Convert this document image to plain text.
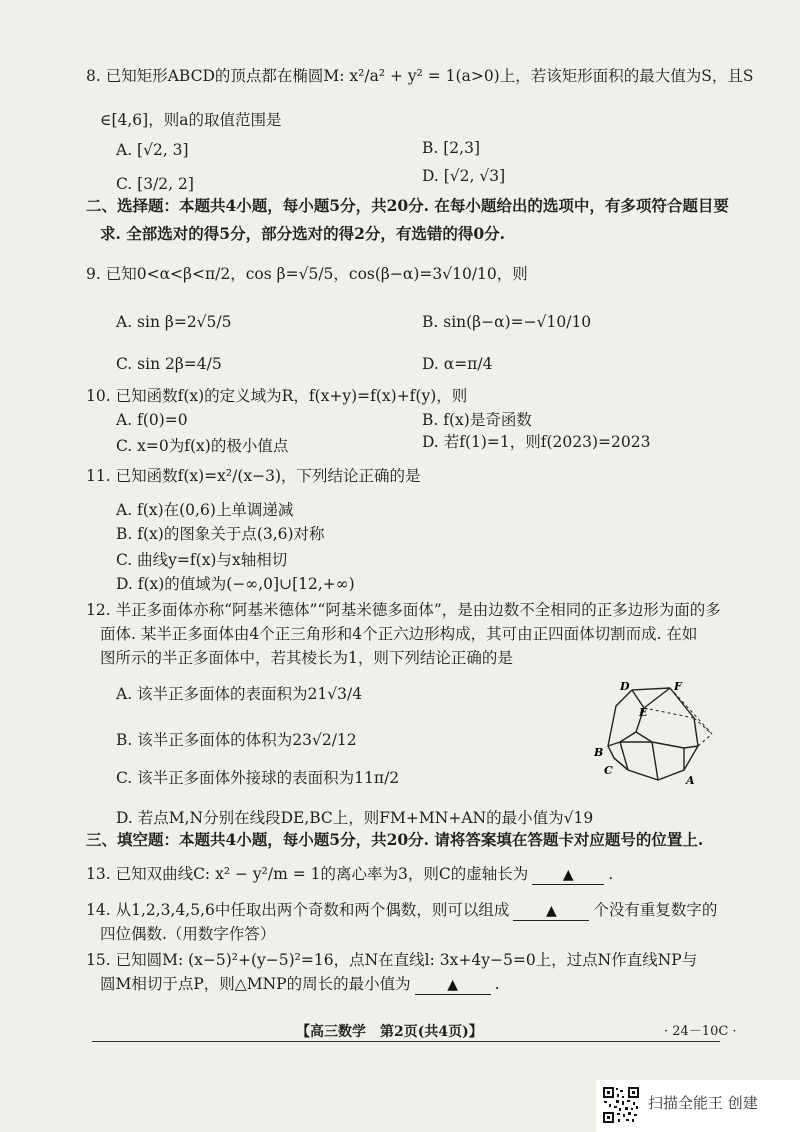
8. 已知矩形ABCD的顶点都在椭圆M: x²/a² + y² = 1(a>0)上，若该矩形面积的最大值为S，且S
∈[4,6]，则a的取值范围是
A. [√2, 3]	B. [2,3]
C. [3/2, 2]	D. [√2, √3]
二、选择题：本题共4小题，每小题5分，共20分. 在每小题给出的选项中，有多项符合题目要
求. 全部选对的得5分，部分选对的得2分，有选错的得0分.
9. 已知0<α<β<π/2，cos β=√5/5，cos(β−α)=3√10/10，则
A. sin β=2√5/5	B. sin(β−α)=−√10/10
C. sin 2β=4/5	D. α=π/4
10. 已知函数f(x)的定义域为R，f(x+y)=f(x)+f(y)，则
A. f(0)=0	B. f(x)是奇函数
C. x=0为f(x)的极小值点	D. 若f(1)=1，则f(2023)=2023
11. 已知函数f(x)=x²/(x−3)，下列结论正确的是
A. f(x)在(0,6)上单调递减
B. f(x)的图象关于点(3,6)对称
C. 曲线y=f(x)与x轴相切
D. f(x)的值域为(−∞,0]∪[12,+∞)
12. 半正多面体亦称“阿基米德体”“阿基米德多面体”，是由边数不全相同的正多边形为面的多
面体. 某半正多面体由4个正三角形和4个正六边形构成，其可由正四面体切割而成. 在如
图所示的半正多面体中，若其棱长为1，则下列结论正确的是
A. 该半正多面体的表面积为21√3/4
B. 该半正多面体的体积为23√2/12
C. 该半正多面体外接球的表面积为11π/2
D. 若点M,N分别在线段DE,BC上，则FM+MN+AN的最小值为√19
D	F
E
B
C
A
三、填空题：本题共4小题，每小题5分，共20分. 请将答案填在答题卡对应题号的位置上.
13. 已知双曲线C: x² − y²/m = 1的离心率为3，则C的虚轴长为 ▲ .
14. 从1,2,3,4,5,6中任取出两个奇数和两个偶数，则可以组成	▲ 个没有重复数字的
四位偶数.（用数字作答）
15. 已知圆M: (x−5)²+(y−5)²=16，点N在直线l: 3x+4y−5=0上，过点N作直线NP与
圆M相切于点P，则△MNP的周长的最小值为	▲ .
【高三数学　第2页(共4页)】	· 24－10C ·
扫描全能王 创建
